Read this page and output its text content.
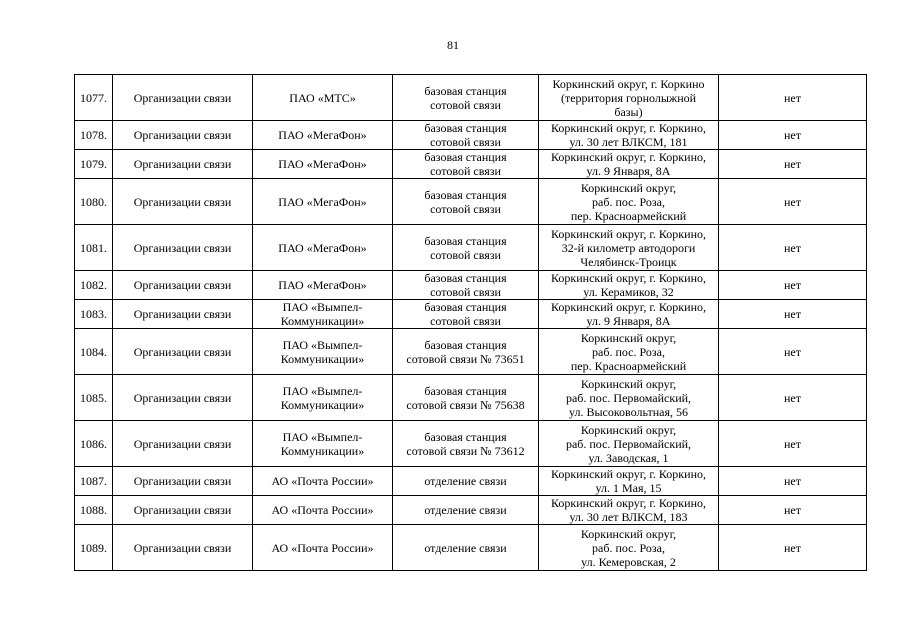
81
1077.	Организации связи	ПАО «МТС»	базовая станция
сотовой связи	Коркинский округ, г. Коркино
(территория горнолыжной
базы)	нет
1078.	Организации связи	ПАО «МегаФон»	базовая станция
сотовой связи	Коркинский округ, г. Коркино,
ул. 30 лет ВЛКСМ, 181	нет
1079.	Организации связи	ПАО «МегаФон»	базовая станция
сотовой связи	Коркинский округ, г. Коркино,
ул. 9 Января, 8А	нет
1080.	Организации связи	ПАО «МегаФон»	базовая станция
сотовой связи	Коркинский округ,
раб. пос. Роза,
пер. Красноармейский	нет
1081.	Организации связи	ПАО «МегаФон»	базовая станция
сотовой связи	Коркинский округ, г. Коркино,
32-й километр автодороги
Челябинск-Троицк	нет
1082.	Организации связи	ПАО «МегаФон»	базовая станция
сотовой связи	Коркинский округ, г. Коркино,
ул. Керамиков, 32	нет
1083.	Организации связи	ПАО «Вымпел-
Коммуникации»	базовая станция
сотовой связи	Коркинский округ, г. Коркино,
ул. 9 Января, 8А	нет
1084.	Организации связи	ПАО «Вымпел-
Коммуникации»	базовая станция
сотовой связи № 73651	Коркинский округ,
раб. пос. Роза,
пер. Красноармейский	нет
1085.	Организации связи	ПАО «Вымпел-
Коммуникации»	базовая станция
сотовой связи № 75638	Коркинский округ,
раб. пос. Первомайский,
ул. Высоковольтная, 56	нет
1086.	Организации связи	ПАО «Вымпел-
Коммуникации»	базовая станция
сотовой связи № 73612	Коркинский округ,
раб. пос. Первомайский,
ул. Заводская, 1	нет
1087.	Организации связи	АО «Почта России»	отделение связи	Коркинский округ, г. Коркино,
ул. 1 Мая, 15	нет
1088.	Организации связи	АО «Почта России»	отделение связи	Коркинский округ, г. Коркино,
ул. 30 лет ВЛКСМ, 183	нет
1089.	Организации связи	АО «Почта России»	отделение связи	Коркинский округ,
раб. пос. Роза,
ул. Кемеровская, 2	нет
